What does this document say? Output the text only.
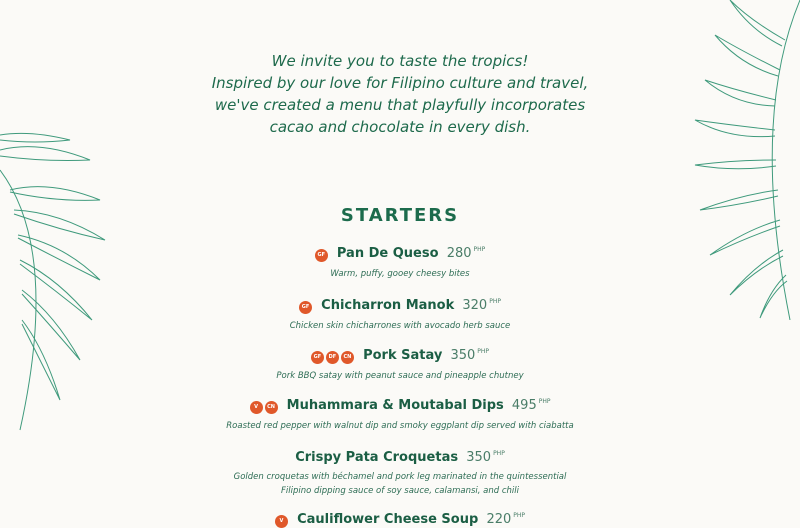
We invite you to taste the tropics!
Inspired by our love for Filipino culture and travel,
we've created a menu that playfully incorporates
cacao and chocolate in every dish.
STARTERS
GF Pan De Queso 280 $^{PHP}$
Warm, puffy, gooey cheesy bites
GF Chicharron Manok 320 $^{PHP}$
Chicken skin chicharrones with avocado herb sauce
GF DF CN Pork Satay 350 $^{PHP}$
Pork BBQ satay with peanut sauce and pineapple chutney
V CN Muhammara & Moutabal Dips 495 $^{PHP}$
Roasted red pepper with walnut dip and smoky eggplant dip served with ciabatta
Crispy Pata Croquetas 350 $^{PHP}$
Golden croquetas with béchamel and pork leg marinated in the quintessential
Filipino dipping sauce of soy sauce, calamansi, and chili
V Cauliflower Cheese Soup 220 $^{PHP}$
